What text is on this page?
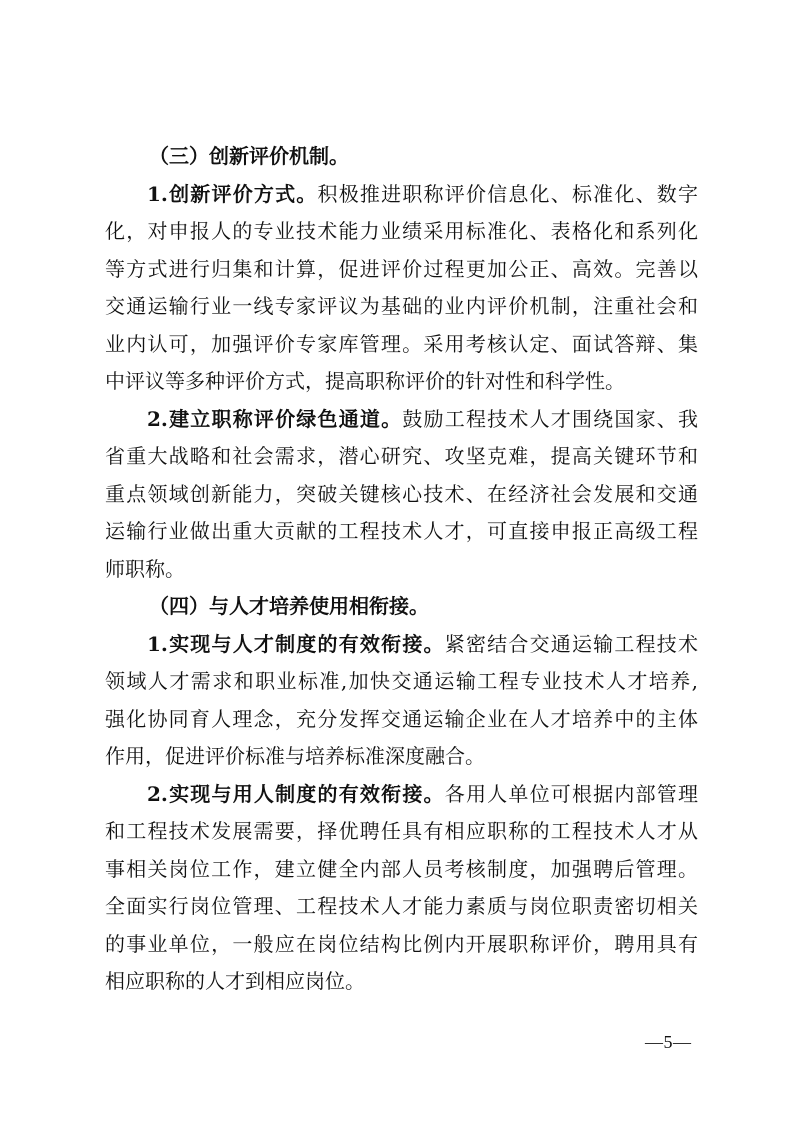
（三）创新评价机制。
1.创新评价方式。积极推进职称评价信息化、标准化、数字
化，对申报人的专业技术能力业绩采用标准化、表格化和系列化
等方式进行归集和计算，促进评价过程更加公正、高效。完善以
交通运输行业一线专家评议为基础的业内评价机制，注重社会和
业内认可，加强评价专家库管理。采用考核认定、面试答辩、集
中评议等多种评价方式，提高职称评价的针对性和科学性。
2.建立职称评价绿色通道。鼓励工程技术人才围绕国家、我
省重大战略和社会需求，潜心研究、攻坚克难，提高关键环节和
重点领域创新能力，突破关键核心技术、在经济社会发展和交通
运输行业做出重大贡献的工程技术人才，可直接申报正高级工程
师职称。
（四）与人才培养使用相衔接。
1.实现与人才制度的有效衔接。紧密结合交通运输工程技术
领域人才需求和职业标准,加快交通运输工程专业技术人才培养,
强化协同育人理念，充分发挥交通运输企业在人才培养中的主体
作用，促进评价标准与培养标准深度融合。
2.实现与用人制度的有效衔接。各用人单位可根据内部管理
和工程技术发展需要，择优聘任具有相应职称的工程技术人才从
事相关岗位工作，建立健全内部人员考核制度，加强聘后管理。
全面实行岗位管理、工程技术人才能力素质与岗位职责密切相关
的事业单位，一般应在岗位结构比例内开展职称评价，聘用具有
相应职称的人才到相应岗位。
—5—
